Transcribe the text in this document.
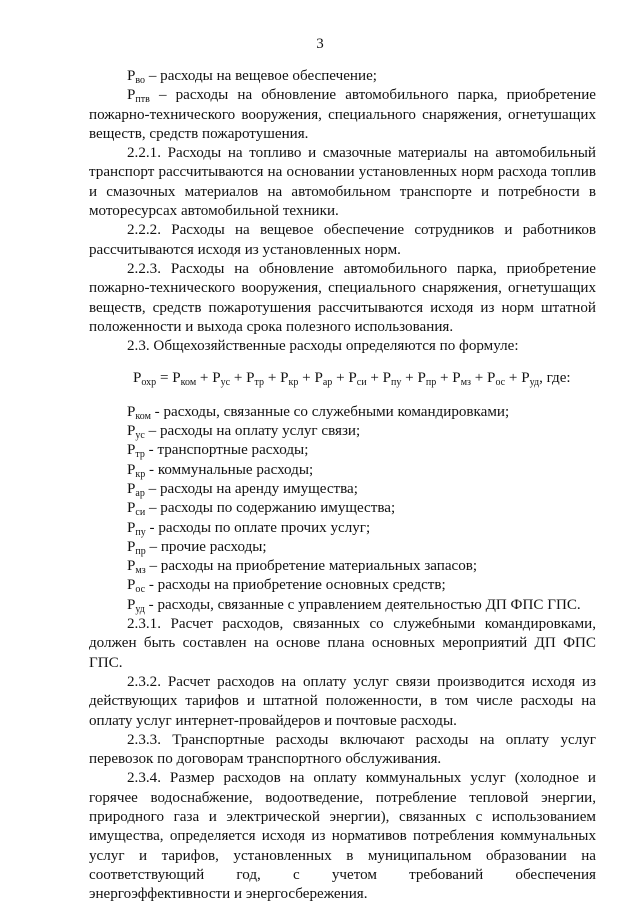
3

$Р_{во}$ – расходы на вещевое обеспечение;

$Р_{птв}$ – расходы на обновление автомобильного парка, приобретение пожарно-технического вооружения, специального снаряжения, огнетушащих веществ, средств пожаротушения.

2.2.1. Расходы на топливо и смазочные материалы на автомобильный транспорт рассчитываются на основании установленных норм расхода топлив и смазочных материалов на автомобильном транспорте и потребности в моторесурсах автомобильной техники.

2.2.2. Расходы на вещевое обеспечение сотрудников и работников рассчитываются исходя из установленных норм.

2.2.3. Расходы на обновление автомобильного парка, приобретение пожарно-технического вооружения, специального снаряжения, огнетушащих веществ, средств пожаротушения рассчитываются исходя из норм штатной положенности и выхода срока полезного использования.

2.3. Общехозяйственные расходы определяются по формуле:

$Р_{охр} = Р_{ком} + Р_{ус} + Р_{тр} + Р_{кр} + Р_{ар} + Р_{си} + Р_{пу} + Р_{пр} + Р_{мз} + Р_{ос} + Р_{уд}$, где:

$Р_{ком}$ - расходы, связанные со служебными командировками;

$Р_{ус}$ – расходы на оплату услуг связи;

$Р_{тр}$ - транспортные расходы;

$Р_{кр}$ - коммунальные расходы;

$Р_{ар}$ – расходы на аренду имущества;

$Р_{си}$ – расходы по содержанию имущества;

$Р_{пу}$ - расходы по оплате прочих услуг;

$Р_{пр}$ – прочие расходы;

$Р_{мз}$ – расходы на приобретение материальных запасов;

$Р_{ос}$ - расходы на приобретение основных средств;

$Р_{уд}$ - расходы, связанные с управлением деятельностью ДП ФПС ГПС.

2.3.1. Расчет расходов, связанных со служебными командировками, должен быть составлен на основе плана основных мероприятий ДП ФПС ГПС.

2.3.2. Расчет расходов на оплату услуг связи производится исходя из действующих тарифов и штатной положенности, в том числе расходы на оплату услуг интернет-провайдеров и почтовые расходы.

2.3.3. Транспортные расходы включают расходы на оплату услуг перевозок по договорам транспортного обслуживания.

2.3.4. Размер расходов на оплату коммунальных услуг (холодное и горячее водоснабжение, водоотведение, потребление тепловой энергии, природного газа и электрической энергии), связанных с использованием имущества, определяется исходя из нормативов потребления коммунальных услуг и тарифов, установленных в муниципальном образовании на соответствующий год, с учетом требований обеспечения энергоэффективности и энергосбережения.
